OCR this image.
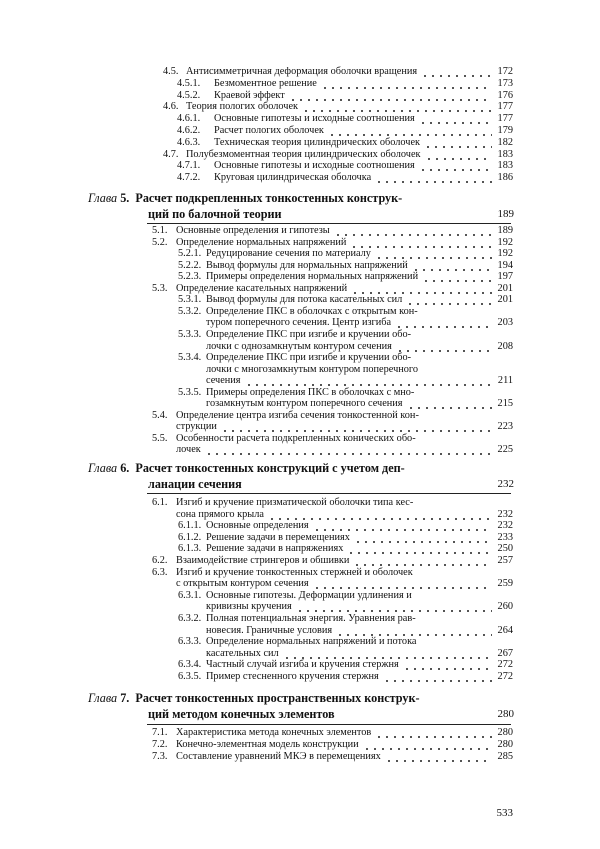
4.5. Антисимметричная деформация оболочки вращения	172
4.5.1. Безмоментное решение	173
4.5.2. Краевой эффект	176
4.6. Теория пологих оболочек	177
4.6.1. Основные гипотезы и исходные соотношения	177
4.6.2. Расчет пологих оболочек	179
4.6.3. Техническая теория цилиндрических оболочек	182
4.7. Полубезмоментная теория цилиндрических оболочек	183
4.7.1. Основные гипотезы и исходные соотношения	183
4.7.2. Круговая цилиндрическая оболочка	186
Глава 5. Расчет подкрепленных тонкостенных конструк-
ций по балочной теории	189
5.1. Основные определения и гипотезы	189
5.2. Определение нормальных напряжений	192
5.2.1. Редуцирование сечения по материалу	192
5.2.2. Вывод формулы для нормальных напряжений	194
5.2.3. Примеры определения нормальных напряжений	197
5.3. Определение касательных напряжений	201
5.3.1. Вывод формулы для потока касательных сил	201
5.3.2. Определение ПКС в оболочках с открытым кон-
туром поперечного сечения. Центр изгиба	203
5.3.3. Определение ПКС при изгибе и кручении обо-
лочки с однозамкнутым контуром сечения	208
5.3.4. Определение ПКС при изгибе и кручении обо-
лочки с многозамкнутым контуром поперечного
сечения	211
5.3.5. Примеры определения ПКС в оболочках с мно-
гозамкнутым контуром поперечного сечения	215
5.4. Определение центра изгиба сечения тонкостенной кон-
струкции	223
5.5. Особенности расчета подкрепленных конических обо-
лочек	225
Глава 6. Расчет тонкостенных конструкций с учетом деп-
ланации сечения	232
6.1. Изгиб и кручение призматической оболочки типа кес-
сона прямого крыла	232
6.1.1. Основные определения	232
6.1.2. Решение задачи в перемещениях	233
6.1.3. Решение задачи в напряжениях	250
6.2. Взаимодействие стрингеров и обшивки	257
6.3. Изгиб и кручение тонкостенных стержней и оболочек
с открытым контуром сечения	259
6.3.1. Основные гипотезы. Деформации удлинения и
кривизны кручения	260
6.3.2. Полная потенциальная энергия. Уравнения рав-
новесия. Граничные условия	264
6.3.3. Определение нормальных напряжений и потока
касательных сил	267
6.3.4. Частный случай изгиба и кручения стержня	272
6.3.5. Пример стесненного кручения стержня	272
Глава 7. Расчет тонкостенных пространственных конструк-
ций методом конечных элементов	280
7.1. Характеристика метода конечных элементов	280
7.2. Конечно-элементная модель конструкции	280
7.3. Составление уравнений МКЭ в перемещениях	285
533
